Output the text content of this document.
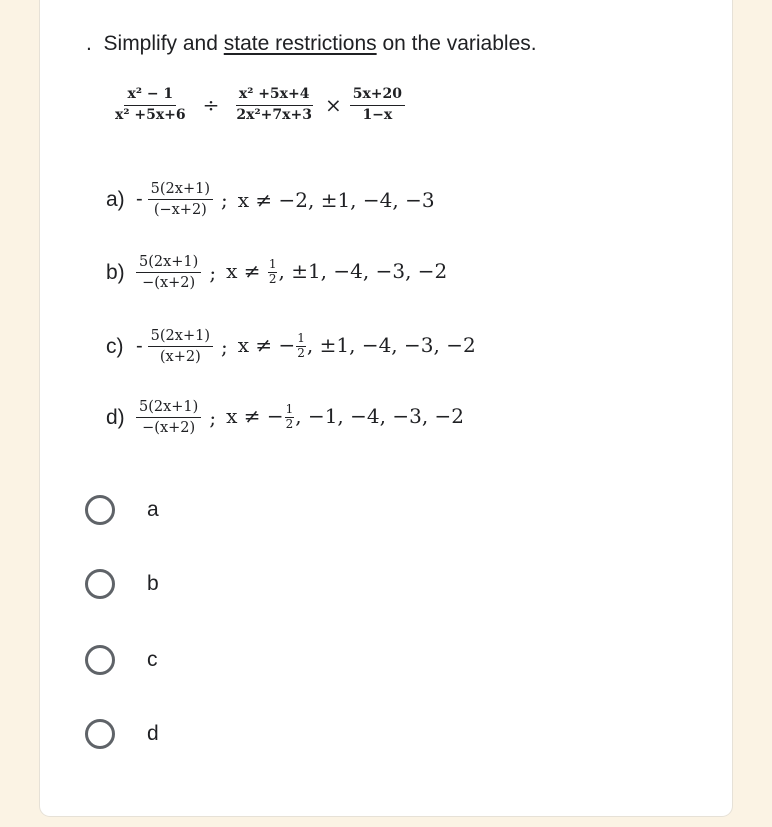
. Simplify and state restrictions on the variables.
$\frac{\text{x² − 1}}{\text{x² +5x+6}} \div \frac{\text{x² +5x+4}}{\text{2x²+7x+3}} \times \frac{5x+20}{1-x}$
$a) - \frac{5(2x+1)}{(-x+2)}$ ; x ≠ −2, ±1, −4, −3
$b) \frac{5(2x+1)}{-(x+2)}$ ; $x \ne \frac{1}{2}$ , ±1, −4, −3, −2
$c) - \frac{5(2x+1)}{(x+2)}$ ; x ≠ − $\frac{1}{2}$ , ±1, −4, −3, −2
$d) \frac{5(2x+1)}{-(x+2)}$ ; x ≠ − $\frac{1}{2}$ , −1, −4, −3, −2
a
b
c
d
